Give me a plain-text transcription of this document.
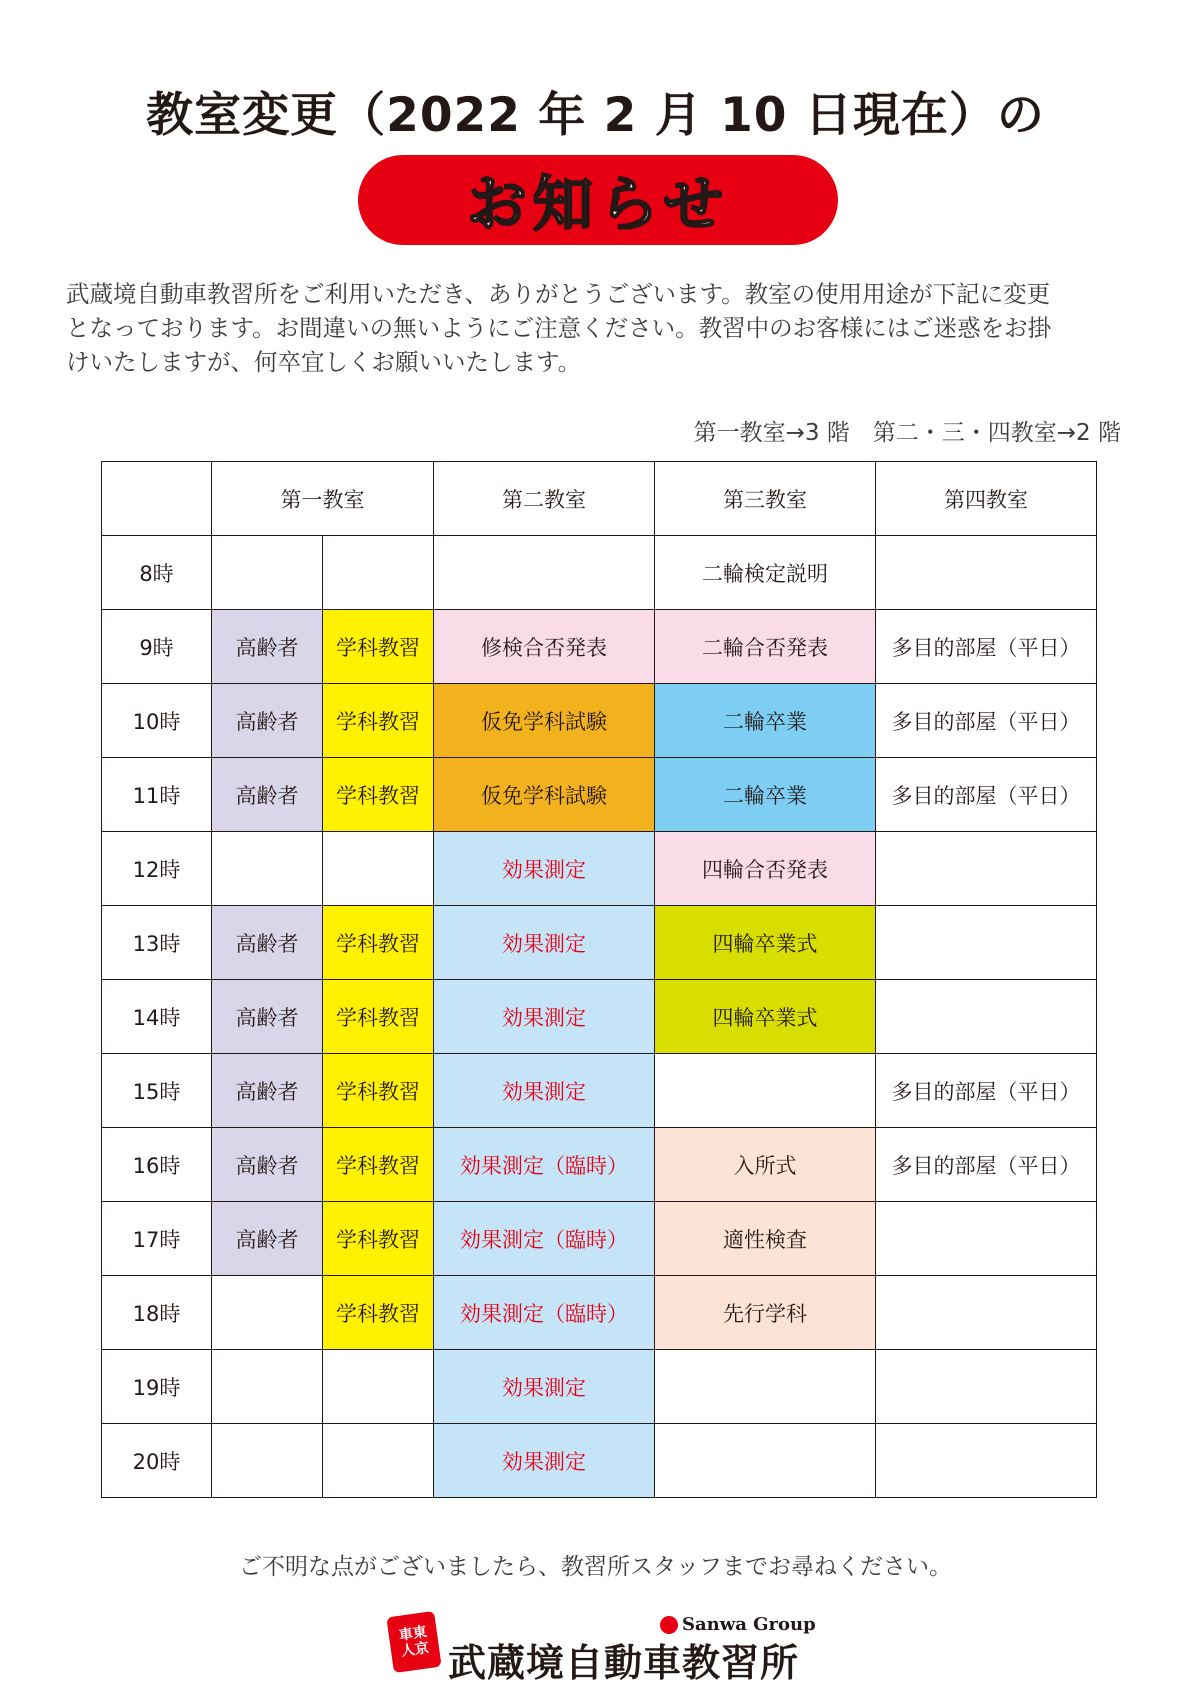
教室変更（2022 年 2 月 10 日現在）の
お知らせ
武蔵境自動車教習所をご利用いただき、ありがとうございます。教室の使用用途が下記に変更
となっております。お間違いの無いようにご注意ください。教習中のお客様にはご迷惑をお掛
けいたしますが、何卒宜しくお願いいたします。
第一教室→3 階　第二・三・四教室→2 階
	第一教室		第二教室	第三教室	第四教室
8時				二輪検定説明	
9時	高齢者	学科教習	修検合否発表	二輪合否発表	多目的部屋（平日）
10時	高齢者	学科教習	仮免学科試験	二輪卒業	多目的部屋（平日）
11時	高齢者	学科教習	仮免学科試験	二輪卒業	多目的部屋（平日）
12時			効果測定	四輪合否発表	
13時	高齢者	学科教習	効果測定	四輪卒業式	
14時	高齢者	学科教習	効果測定	四輪卒業式	
15時	高齢者	学科教習	効果測定		多目的部屋（平日）
16時	高齢者	学科教習	効果測定（臨時）	入所式	多目的部屋（平日）
17時	高齢者	学科教習	効果測定（臨時）	適性検査	
18時		学科教習	効果測定（臨時）	先行学科	
19時			効果測定		
20時			効果測定		
ご不明な点がございましたら、教習所スタッフまでお尋ねください。
車東
人京
Sanwa Group
武蔵境自動車教習所
